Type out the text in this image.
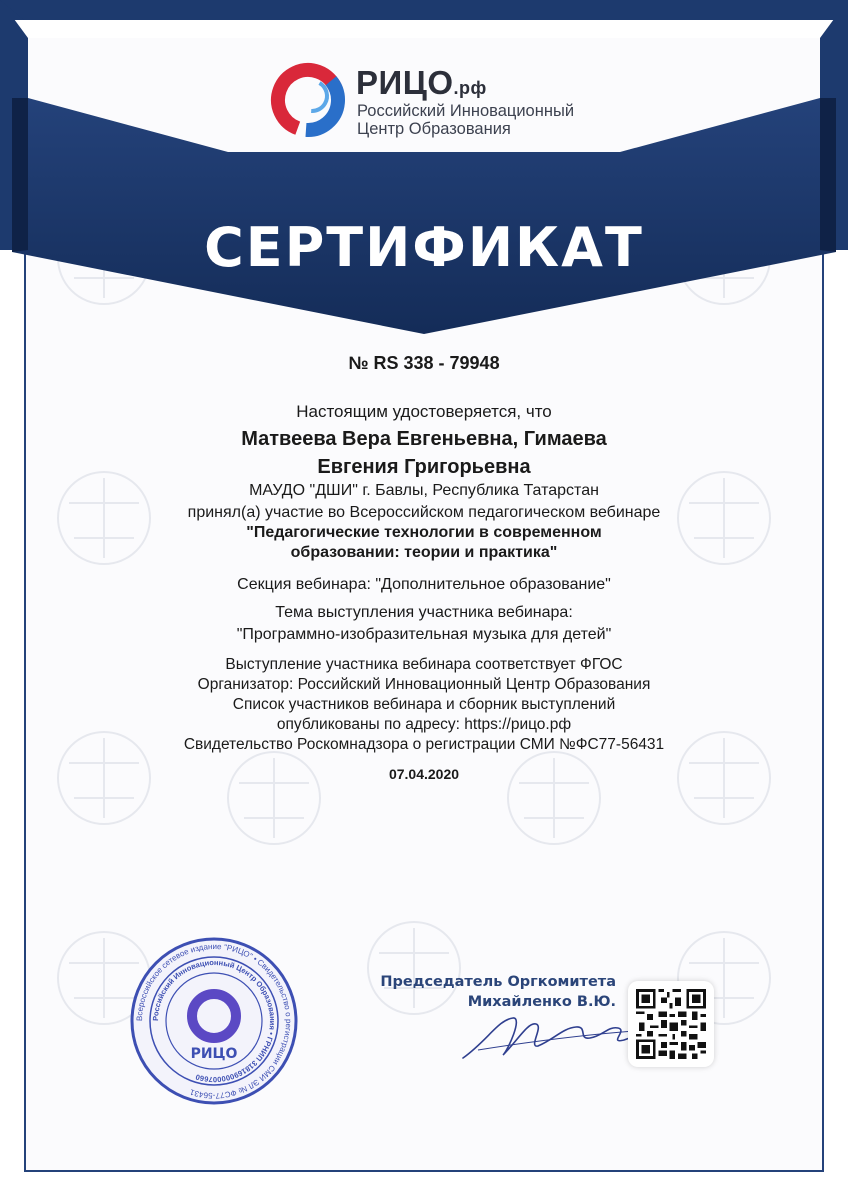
РИЦО.рф
Российский Инновационный
Центр Образования
СЕРТИФИКАТ
№ RS 338 - 79948
Настоящим удостоверяется, что
Матвеева Вера Евгеньевна, Гимаева
Евгения Григорьевна
МАУДО "ДШИ" г. Бавлы, Республика Татарстан
принял(а) участие во Всероссийском педагогическом вебинаре
"Педагогические технологии в современном
образовании: теории и практика"
Секция вебинара: "Дополнительное образование"
Тема выступления участника вебинара:
"Программно-изобразительная музыка для детей"
Выступление участника вебинара соответствует ФГОС
Организатор: Российский Инновационный Центр Образования
Список участников вебинара и сборник выступлений
опубликованы по адресу: https://рицо.рф
Свидетельство Роскомнадзора о регистрации СМИ №ФС77-56431
07.04.2020
Всероссийское сетевое издание "РИЦО" • Свидетельство о регистрации СМИ ЭЛ № ФС77-56431
Российский Инновационный Центр Образования • ГРНИП 318169000007660
РИЦО
Председатель Оргкомитета
Михайленко В.Ю.
